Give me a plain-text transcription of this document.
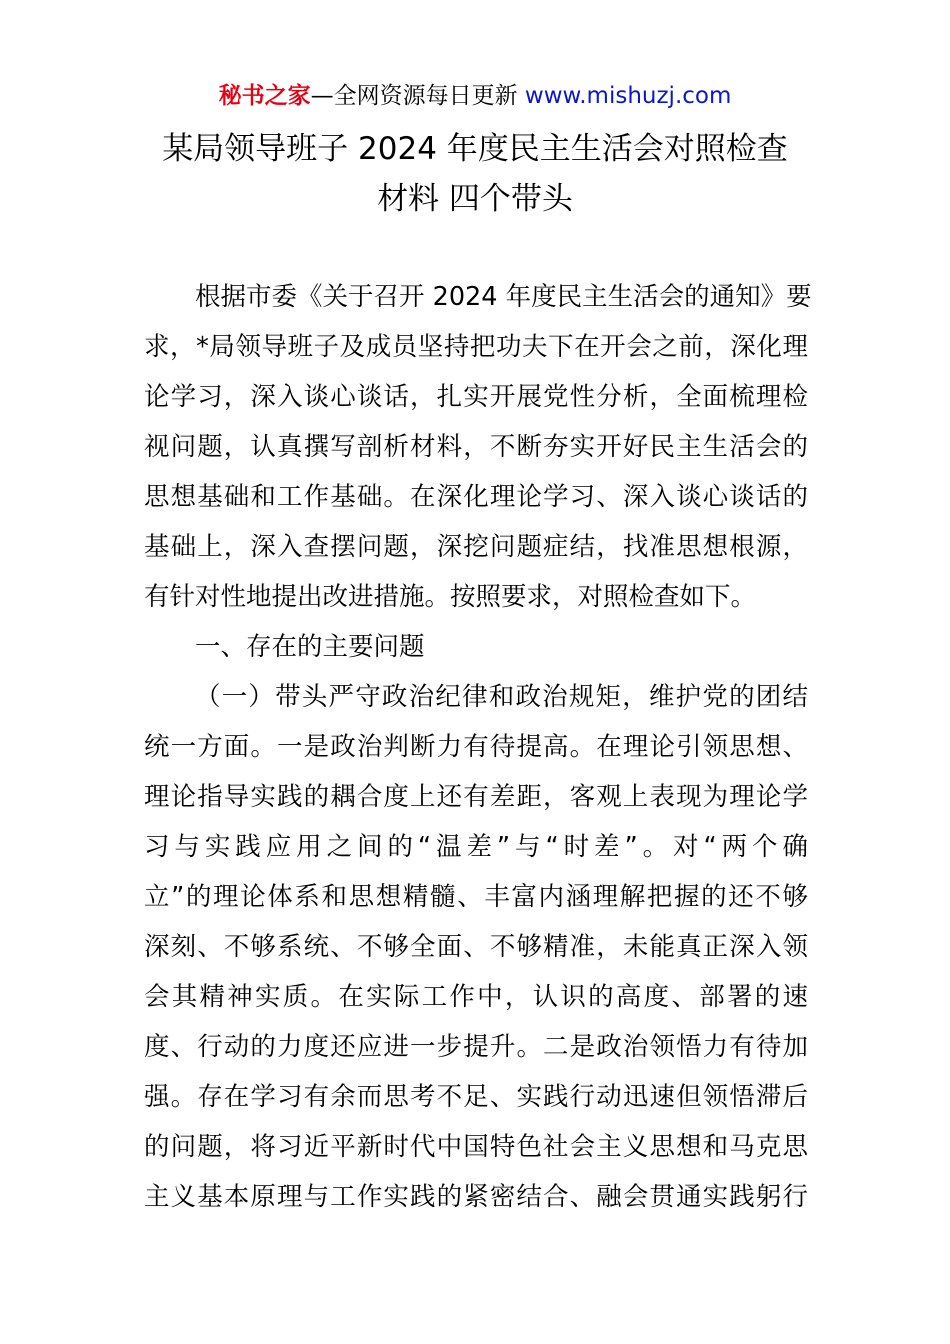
秘书之家—全网资源每日更新 www.mishuzj.com
某局领导班子 2024 年度民主生活会对照检查
材料 四个带头

根据市委《关于召开 2024 年度民主生活会的通知》要
求，*局领导班子及成员坚持把功夫下在开会之前，深化理
论学习，深入谈心谈话，扎实开展党性分析，全面梳理检
视问题，认真撰写剖析材料，不断夯实开好民主生活会的
思想基础和工作基础。在深化理论学习、深入谈心谈话的
基础上，深入查摆问题，深挖问题症结，找准思想根源，
有针对性地提出改进措施。按照要求，对照检查如下。

一、存在的主要问题

（一）带头严守政治纪律和政治规矩，维护党的团结
统一方面。一是政治判断力有待提高。在理论引领思想、
理论指导实践的耦合度上还有差距，客观上表现为理论学
习与实践应用之间的“温差”与“时差”。对“两个确
立”的理论体系和思想精髓、丰富内涵理解把握的还不够
深刻、不够系统、不够全面、不够精准，未能真正深入领
会其精神实质。在实际工作中，认识的高度、部署的速
度、行动的力度还应进一步提升。二是政治领悟力有待加
强。存在学习有余而思考不足、实践行动迅速但领悟滞后
的问题，将习近平新时代中国特色社会主义思想和马克思
主义基本原理与工作实践的紧密结合、融会贯通实践躬行
